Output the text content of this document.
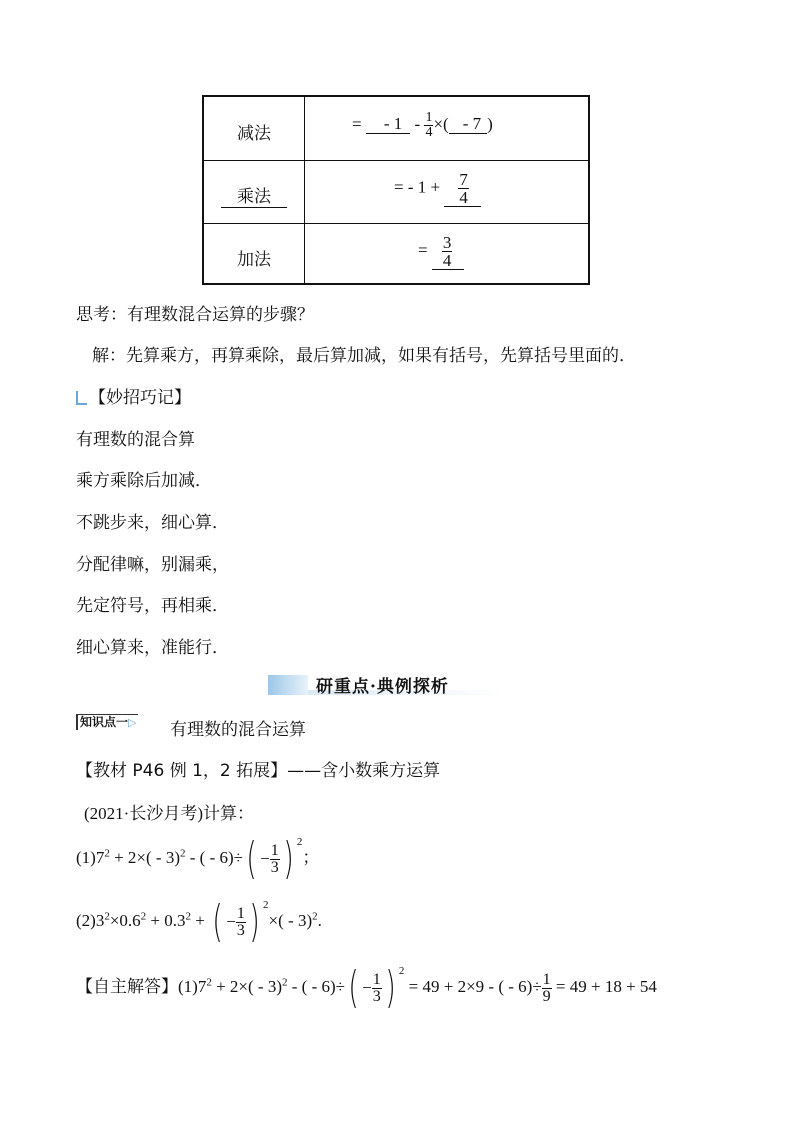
减法
= - $1 - \frac{1}{4}$ ×( - 7 )
乘法
= - $1 + \frac{7}{4}$
加法
= $\frac{3}{4}$
思考：有理数混合运算的步骤？
解：先算乘方，再算乘除，最后算加减，如果有括号，先算括号里面的．
【妙招巧记】
有理数的混合算
乘方乘除后加减．
不跳步来，细心算．
分配律嘛，别漏乘，
先定符号，再相乘．
细心算来，准能行．
研重点·典例探析
知识点一▷ 有理数的混合运算
【教材 P46 例 1，2 拓展】——含小数乘方运算
(2021·长沙月考)计算：
$(1)7^2 + 2\times( - 3)^2$ - ( - $6)\div( - \frac{1}{3}$ ) $^2$；
$(2)3^2\times 0.6^2 + 0.3^2$ + ( − $\frac{1}{3}$ ) $^2$×( - 3)$^2$.
【自主解答】$(1)7^2 + 2\times( - 3)^2$ - ( - $6)\div( - \frac{1}{3}$ ) $^2$ = 49 + 2×9 - ( - $6)\div \frac{1}{9} = 49 + 18 + 54$
